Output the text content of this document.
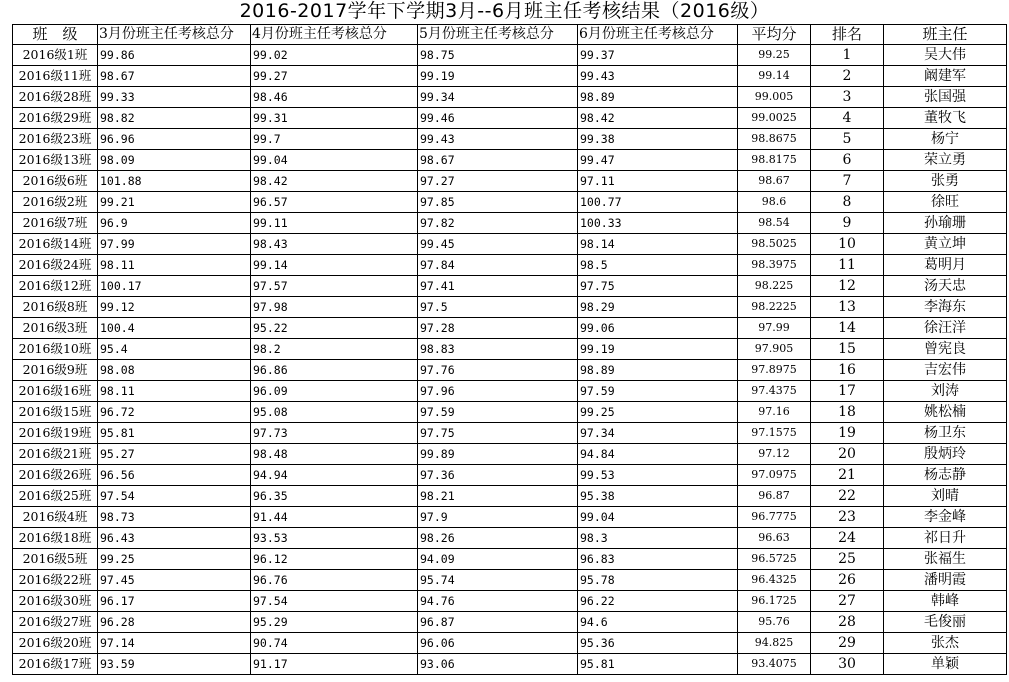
2016-2017学年下学期3月--6月班主任考核结果（2016级）
班　级	3月份班主任考核总分	4月份班主任考核总分	5月份班主任考核总分	6月份班主任考核总分	平均分	排名	班主任
2016级1班	99.86	99.02	98.75	99.37	99.25	1	吴大伟
2016级11班	98.67	99.27	99.19	99.43	99.14	2	阚建军
2016级28班	99.33	98.46	99.34	98.89	99.005	3	张国强
2016级29班	98.82	99.31	99.46	98.42	99.0025	4	董牧飞
2016级23班	96.96	99.7	99.43	99.38	98.8675	5	杨宁
2016级13班	98.09	99.04	98.67	99.47	98.8175	6	荣立勇
2016级6班	101.88	98.42	97.27	97.11	98.67	7	张勇
2016级2班	99.21	96.57	97.85	100.77	98.6	8	徐旺
2016级7班	96.9	99.11	97.82	100.33	98.54	9	孙瑜珊
2016级14班	97.99	98.43	99.45	98.14	98.5025	10	黄立坤
2016级24班	98.11	99.14	97.84	98.5	98.3975	11	葛明月
2016级12班	100.17	97.57	97.41	97.75	98.225	12	汤天忠
2016级8班	99.12	97.98	97.5	98.29	98.2225	13	李海东
2016级3班	100.4	95.22	97.28	99.06	97.99	14	徐汪洋
2016级10班	95.4	98.2	98.83	99.19	97.905	15	曾宪良
2016级9班	98.08	96.86	97.76	98.89	97.8975	16	吉宏伟
2016级16班	98.11	96.09	97.96	97.59	97.4375	17	刘涛
2016级15班	96.72	95.08	97.59	99.25	97.16	18	姚松楠
2016级19班	95.81	97.73	97.75	97.34	97.1575	19	杨卫东
2016级21班	95.27	98.48	99.89	94.84	97.12	20	殷炳玲
2016级26班	96.56	94.94	97.36	99.53	97.0975	21	杨志静
2016级25班	97.54	96.35	98.21	95.38	96.87	22	刘晴
2016级4班	98.73	91.44	97.9	99.04	96.7775	23	李金峰
2016级18班	96.43	93.53	98.26	98.3	96.63	24	祁日升
2016级5班	99.25	96.12	94.09	96.83	96.5725	25	张福生
2016级22班	97.45	96.76	95.74	95.78	96.4325	26	潘明霞
2016级30班	96.17	97.54	94.76	96.22	96.1725	27	韩峰
2016级27班	96.28	95.29	96.87	94.6	95.76	28	毛俊丽
2016级20班	97.14	90.74	96.06	95.36	94.825	29	张杰
2016级17班	93.59	91.17	93.06	95.81	93.4075	30	单颖
